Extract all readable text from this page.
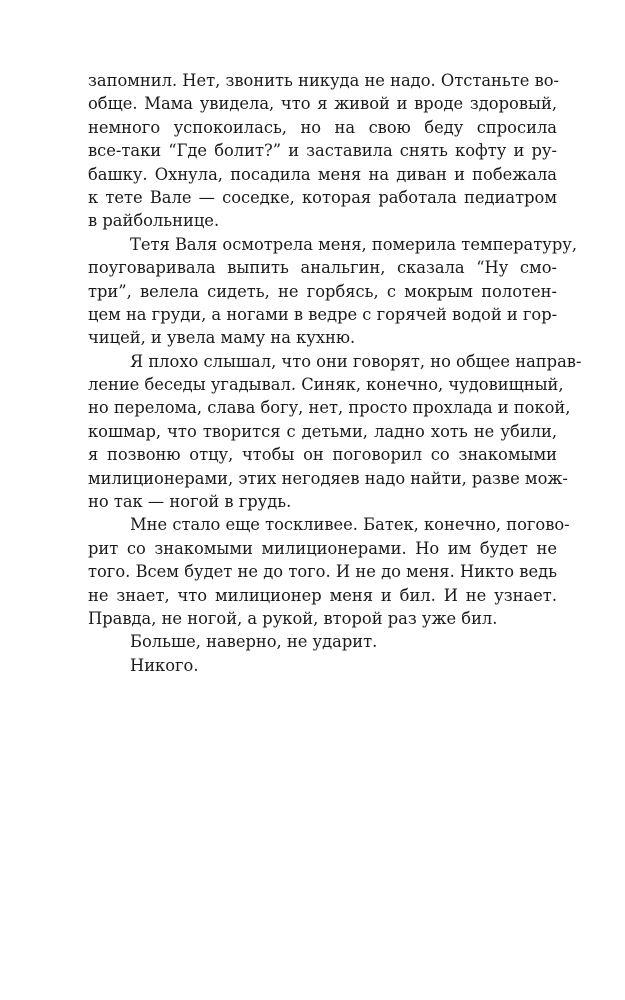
запомнил. Нет, звонить никуда не надо. Отстаньте во-
обще. Мама увидела, что я живой и вроде здоровый,
немного успокоилась, но на свою беду спросила
все-таки “Где болит?” и заставила снять кофту и ру-
башку. Охнула, посадила меня на диван и побежала
к тете Вале — соседке, которая работала педиатром
в райбольнице.
Тетя Валя осмотрела меня, померила температуру,
поуговаривала выпить анальгин, сказала “Ну смо-
три”, велела сидеть, не горбясь, с мокрым полотен-
цем на груди, а ногами в ведре с горячей водой и гор-
чицей, и увела маму на кухню.
Я плохо слышал, что они говорят, но общее направ-
ление беседы угадывал. Синяк, конечно, чудовищный,
но перелома, слава богу, нет, просто прохлада и покой,
кошмар, что творится с детьми, ладно хоть не убили,
я позвоню отцу, чтобы он поговорил со знакомыми
милиционерами, этих негодяев надо найти, разве мож-
но так — ногой в грудь.
Мне стало еще тоскливее. Батек, конечно, погово-
рит со знакомыми милиционерами. Но им будет не
того. Всем будет не до того. И не до меня. Никто ведь
не знает, что милиционер меня и бил. И не узнает.
Правда, не ногой, а рукой, второй раз уже бил.
Больше, наверно, не ударит.
Никого.
